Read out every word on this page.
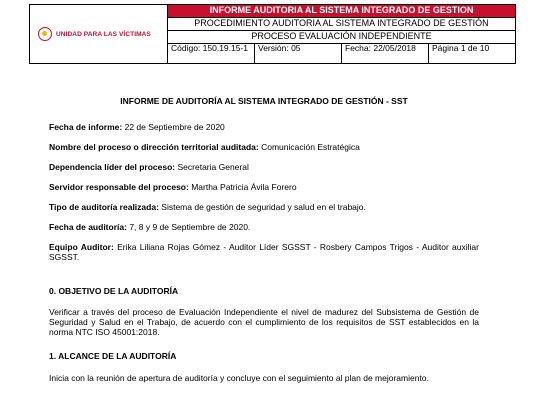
UNIDAD PARA LAS VÍCTIMAS	INFORME AUDITORIA AL SISTEMA INTEGRADO DE GESTION			
	PROCEDIMIENTO AUDITORIA AL SISTEMA INTEGRADO DE GESTIÓN			
	PROCESO EVALUACIÓN INDEPENDIENTE			
	Código: 150.19.15-1	Versión: 05	Fecha: 22/05/2018	Página 1 de 10

INFORME DE AUDITORÍA AL SISTEMA INTEGRADO DE GESTIÓN - SST

Fecha de informe: 22 de Septiembre de 2020

Nombre del proceso o dirección territorial auditada: Comunicación Estratégica

Dependencia líder del proceso: Secretaria General

Servidor responsable del proceso: Martha Patricia Ávila Forero

Tipo de auditoría realizada: Sistema de gestión de seguridad y salud en el trabajo.

Fecha de auditoría: 7, 8 y 9 de Septiembre de 2020.

Equipo Auditor: Erika Liliana Rojas Gómez - Auditor Líder SGSST - Rosbery Campos Trigos - Auditor auxiliar SGSST.

0. OBJETIVO DE LA AUDITORÍA

Verificar a través del proceso de Evaluación Independiente el nivel de madurez del Subsistema de Gestión de Seguridad y Salud en el Trabajo, de acuerdo con el cumplimiento de los requisitos de SST establecidos en la norma NTC ISO 45001:2018.

1. ALCANCE DE LA AUDITORÍA

Inicia con la reunión de apertura de auditoría y concluye con el seguimiento al plan de mejoramiento.
